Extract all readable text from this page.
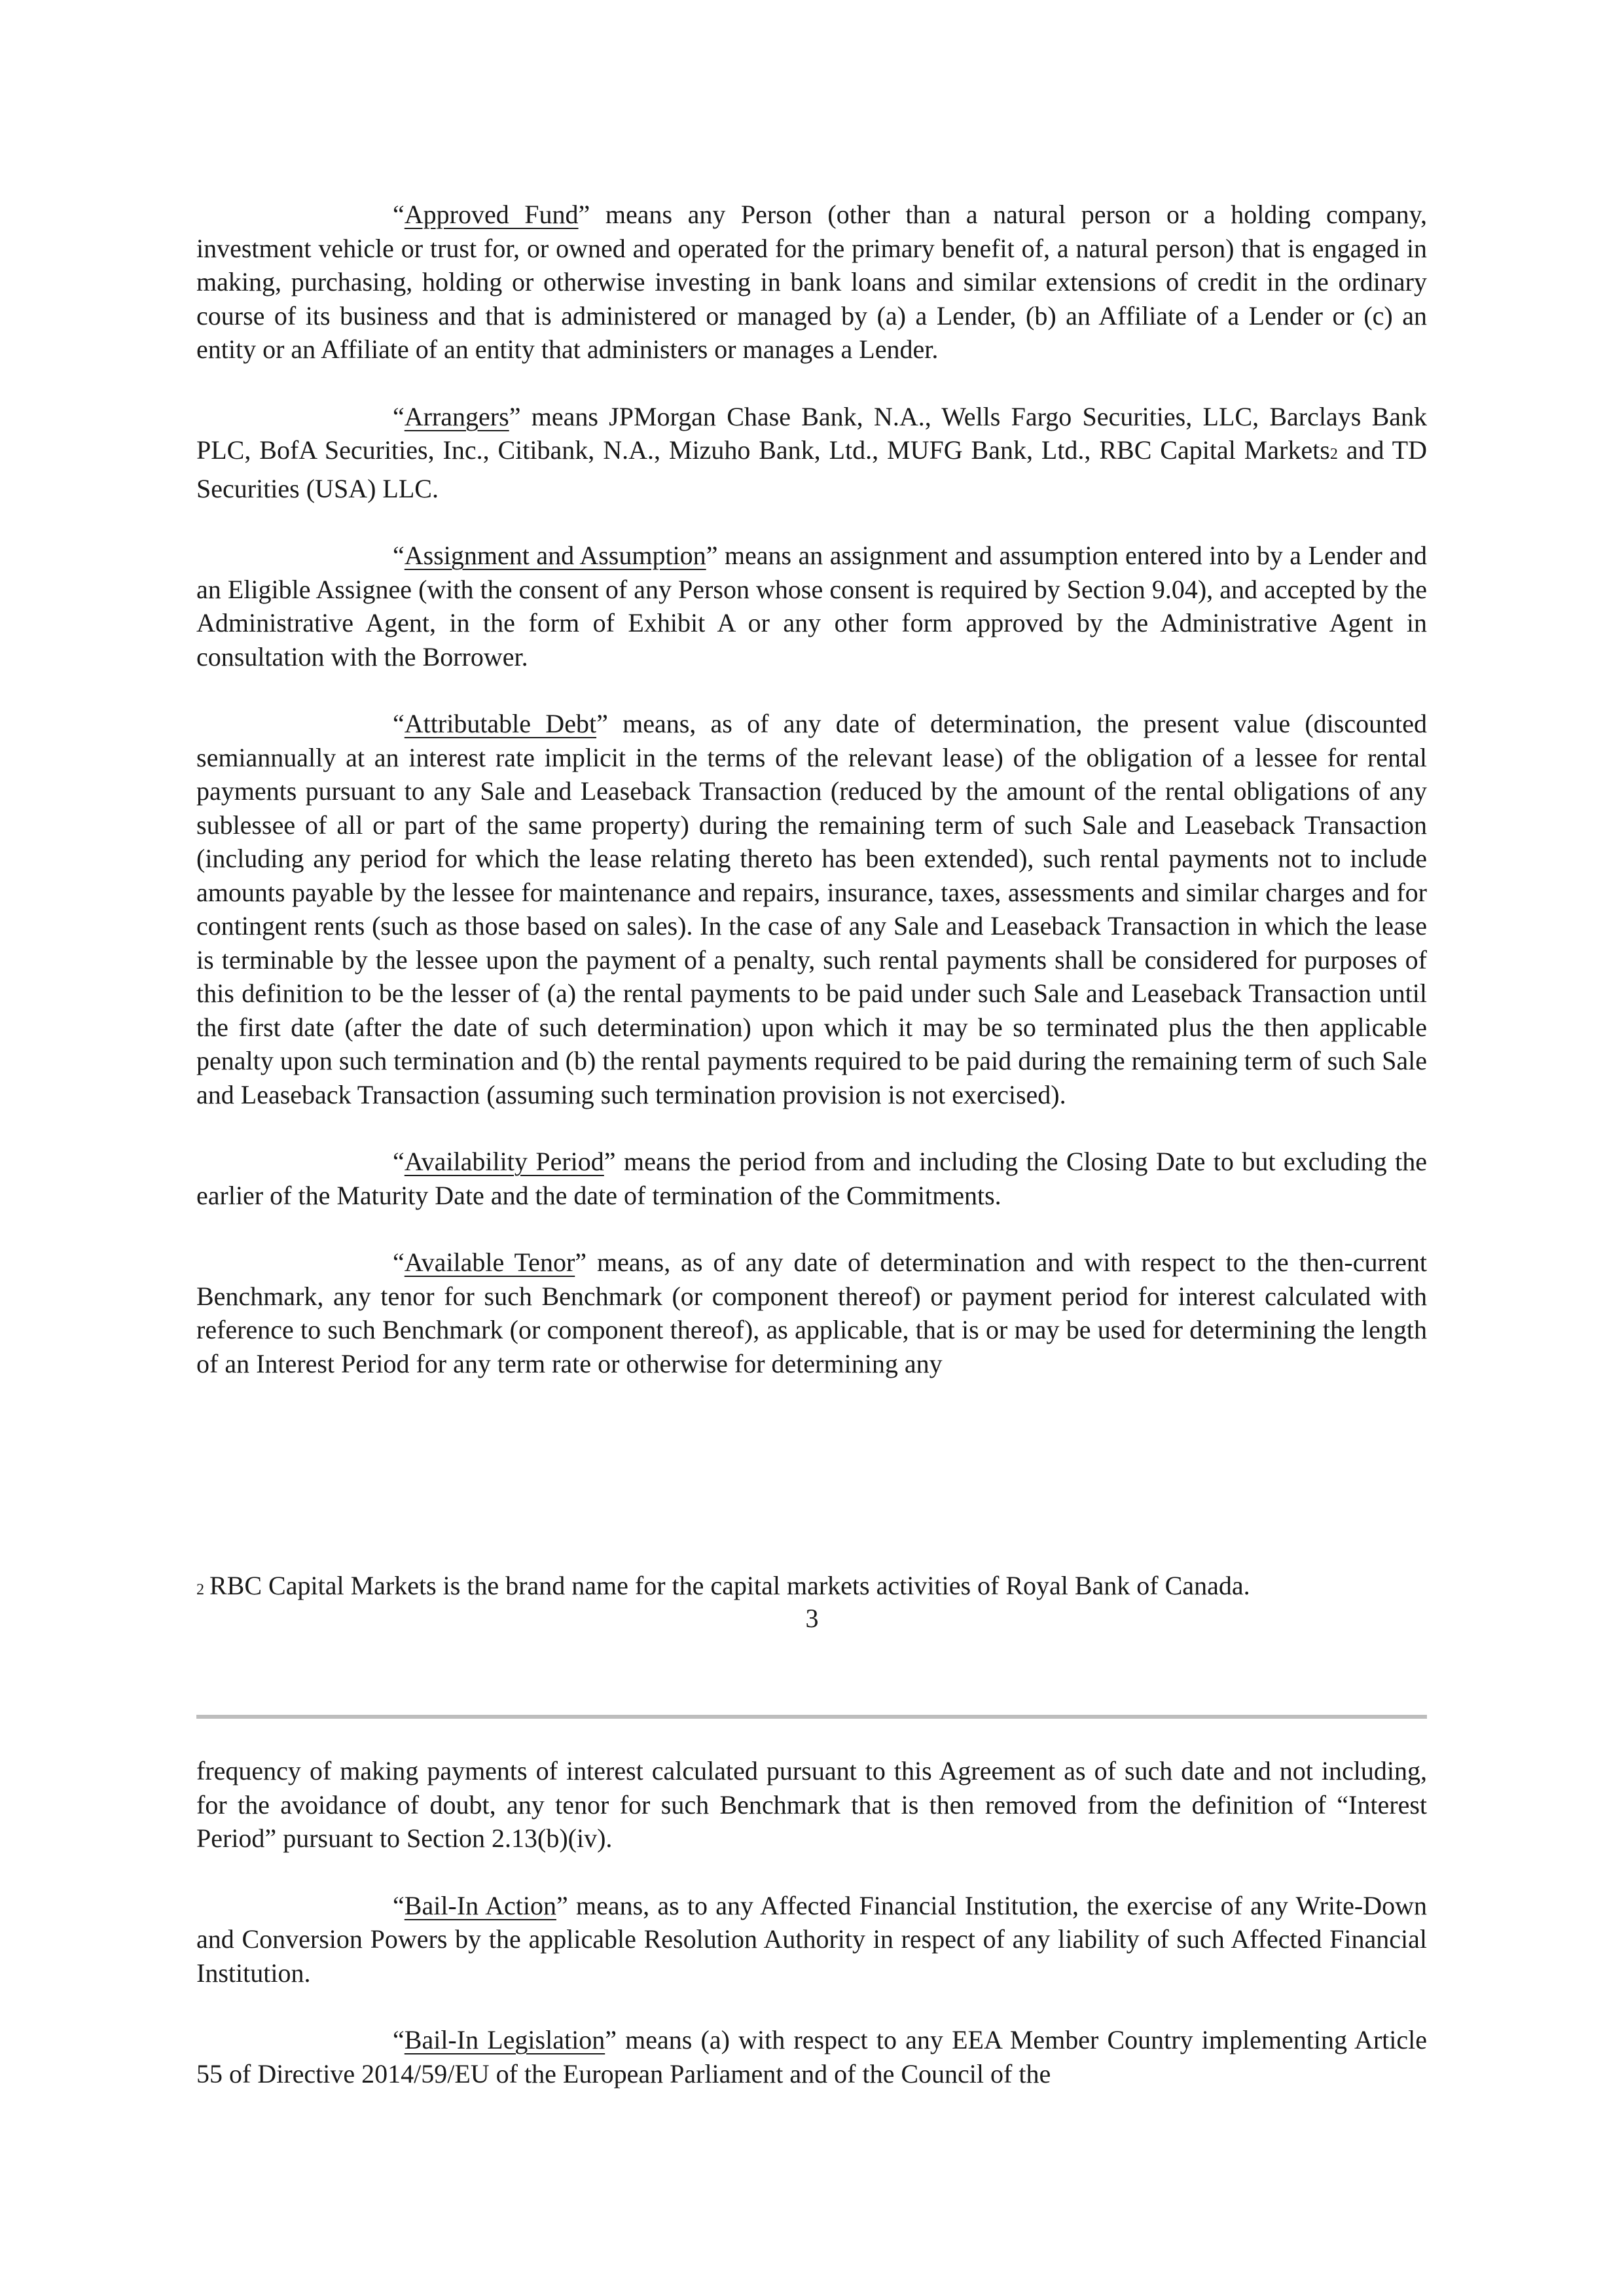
“Approved Fund” means any Person (other than a natural person or a holding company, investment vehicle or trust for, or owned and operated for the primary benefit of, a natural person) that is engaged in making, purchasing, holding or otherwise investing in bank loans and similar extensions of credit in the ordinary course of its business and that is administered or managed by (a) a Lender, (b) an Affiliate of a Lender or (c) an entity or an Affiliate of an entity that administers or manages a Lender.

“Arrangers” means JPMorgan Chase Bank, N.A., Wells Fargo Securities, LLC, Barclays Bank PLC, BofA Securities, Inc., Citibank, N.A., Mizuho Bank, Ltd., MUFG Bank, Ltd., RBC Capital Markets2 and TD Securities (USA) LLC.

“Assignment and Assumption” means an assignment and assumption entered into by a Lender and an Eligible Assignee (with the consent of any Person whose consent is required by Section 9.04), and accepted by the Administrative Agent, in the form of Exhibit A or any other form approved by the Administrative Agent in consultation with the Borrower.

“Attributable Debt” means, as of any date of determination, the present value (discounted semiannually at an interest rate implicit in the terms of the relevant lease) of the obligation of a lessee for rental payments pursuant to any Sale and Leaseback Transaction (reduced by the amount of the rental obligations of any sublessee of all or part of the same property) during the remaining term of such Sale and Leaseback Transaction (including any period for which the lease relating thereto has been extended), such rental payments not to include amounts payable by the lessee for maintenance and repairs, insurance, taxes, assessments and similar charges and for contingent rents (such as those based on sales). In the case of any Sale and Leaseback Transaction in which the lease is terminable by the lessee upon the payment of a penalty, such rental payments shall be considered for purposes of this definition to be the lesser of (a) the rental payments to be paid under such Sale and Leaseback Transaction until the first date (after the date of such determination) upon which it may be so terminated plus the then applicable penalty upon such termination and (b) the rental payments required to be paid during the remaining term of such Sale and Leaseback Transaction (assuming such termination provision is not exercised).

“Availability Period” means the period from and including the Closing Date to but excluding the earlier of the Maturity Date and the date of termination of the Commitments.

“Available Tenor” means, as of any date of determination and with respect to the then-current Benchmark, any tenor for such Benchmark (or component thereof) or payment period for interest calculated with reference to such Benchmark (or component thereof), as applicable, that is or may be used for determining the length of an Interest Period for any term rate or otherwise for determining any

2 RBC Capital Markets is the brand name for the capital markets activities of Royal Bank of Canada.
3

frequency of making payments of interest calculated pursuant to this Agreement as of such date and not including, for the avoidance of doubt, any tenor for such Benchmark that is then removed from the definition of “Interest Period” pursuant to Section 2.13(b)(iv).

“Bail-In Action” means, as to any Affected Financial Institution, the exercise of any Write-Down and Conversion Powers by the applicable Resolution Authority in respect of any liability of such Affected Financial Institution.

“Bail-In Legislation” means (a) with respect to any EEA Member Country implementing Article 55 of Directive 2014/59/EU of the European Parliament and of the Council of the
